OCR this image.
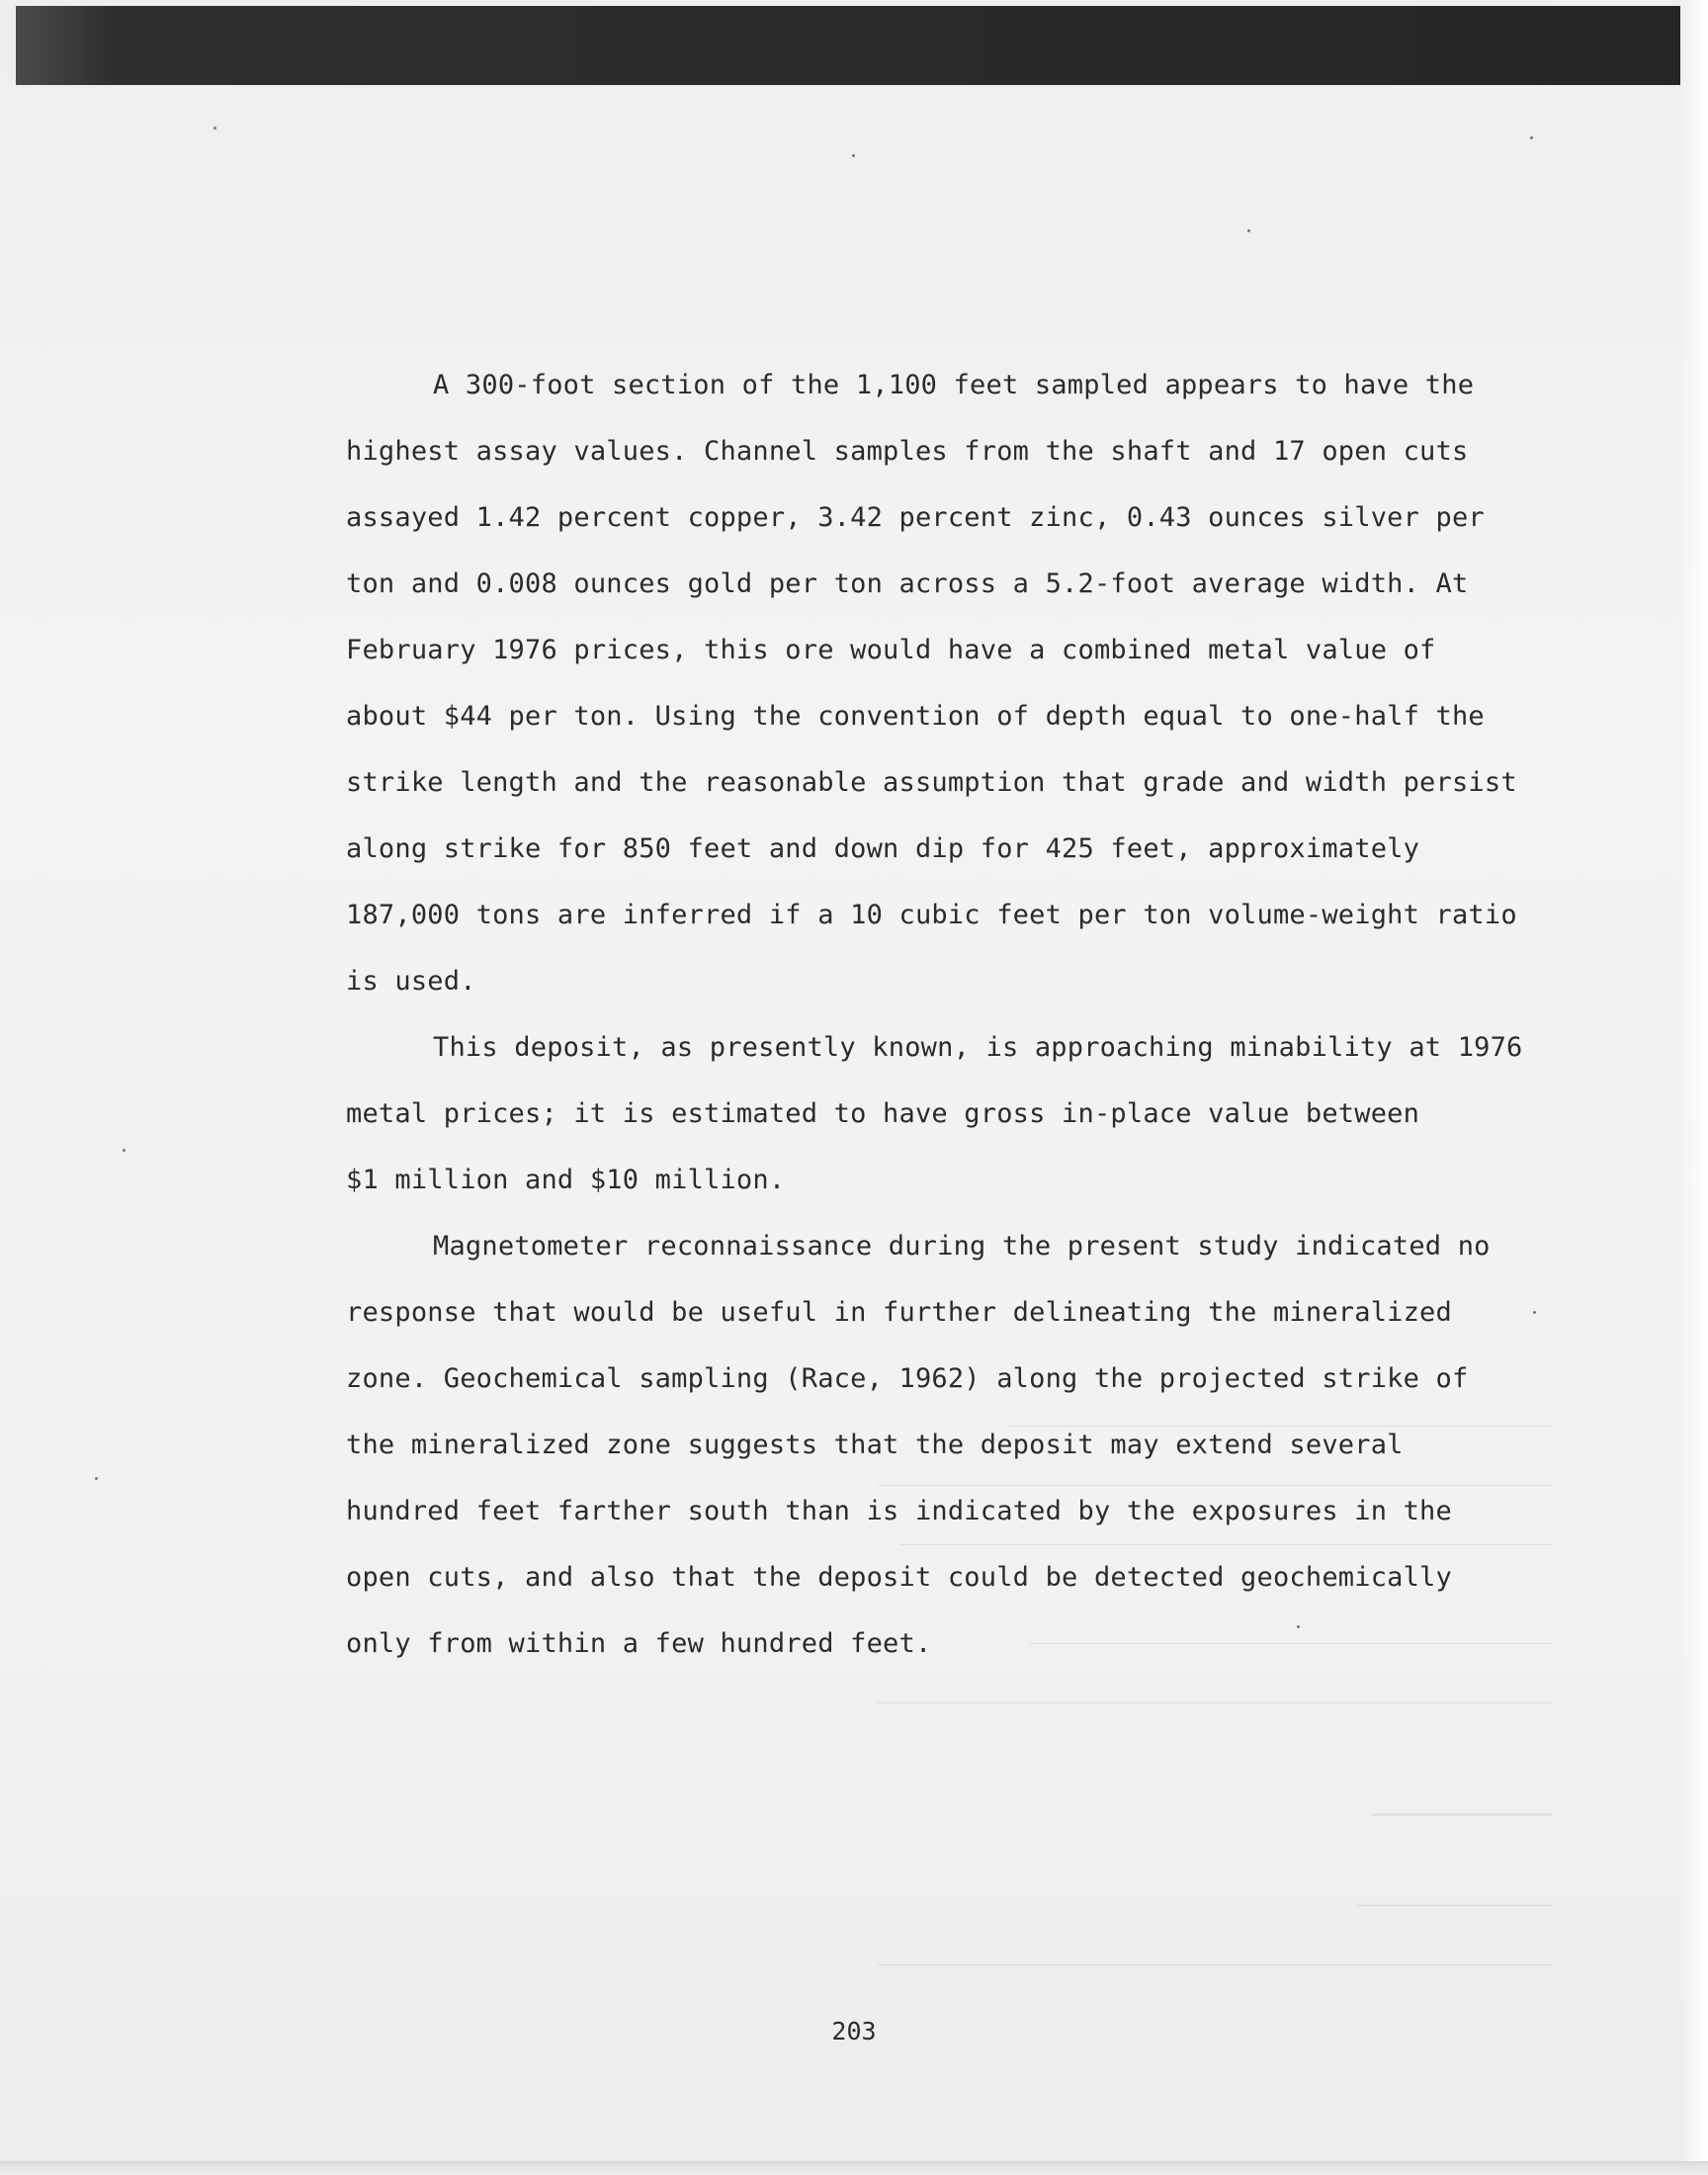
__________________________________________________
______________________________________________________________
____________________________________________________________
________________________________________________
______________________________________________________________
______________
__________________
______________________________________________________________
A 300-foot section of the 1,100 feet sampled appears to have the
highest assay values. Channel samples from the shaft and 17 open cuts
assayed 1.42 percent copper, 3.42 percent zinc, 0.43 ounces silver per
ton and 0.008 ounces gold per ton across a 5.2-foot average width. At
February 1976 prices, this ore would have a combined metal value of
about $44 per ton. Using the convention of depth equal to one-half the
strike length and the reasonable assumption that grade and width persist
along strike for 850 feet and down dip for 425 feet, approximately
187,000 tons are inferred if a 10 cubic feet per ton volume-weight ratio
is used.
This deposit, as presently known, is approaching minability at 1976
metal prices; it is estimated to have gross in-place value between
$1 million and $10 million.
Magnetometer reconnaissance during the present study indicated no
response that would be useful in further delineating the mineralized
zone. Geochemical sampling (Race, 1962) along the projected strike of
the mineralized zone suggests that the deposit may extend several
hundred feet farther south than is indicated by the exposures in the
open cuts, and also that the deposit could be detected geochemically
only from within a few hundred feet.
203
